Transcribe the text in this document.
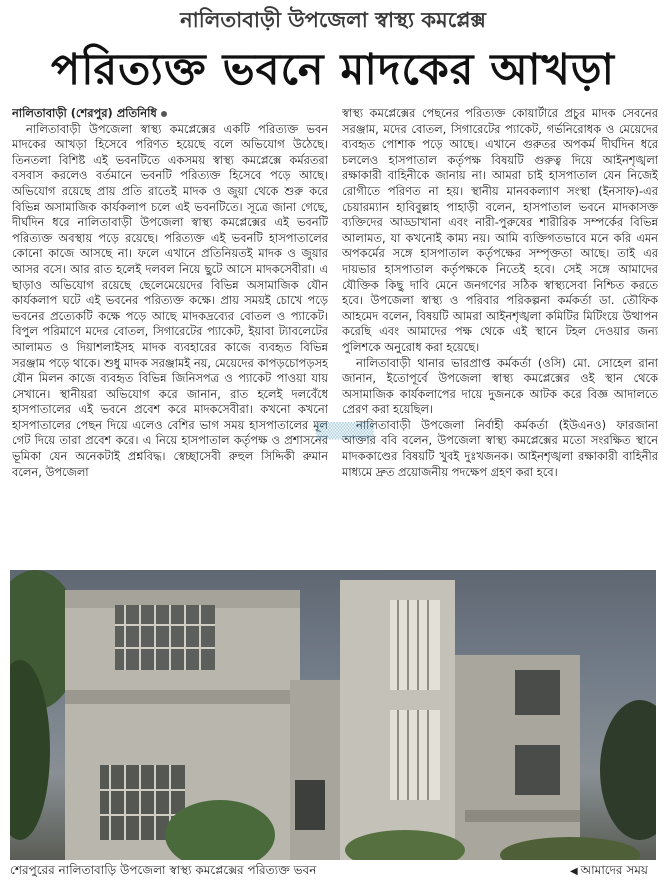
নালিতাবাড়ী উপজেলা স্বাস্থ্য কমপ্লেক্স
পরিত্যক্ত ভবনে মাদকের আখড়া

নালিতাবাড়ী (শেরপুর) প্রতিনিধি

নালিতাবাড়ী উপজেলা স্বাস্থ্য কমপ্লেক্সের একটি পরিত্যক্ত ভবন মাদকের আখড়া হিসেবে পরিণত হয়েছে বলে অভিযোগ উঠেছে। তিনতলা বিশিষ্ট এই ভবনটিতে একসময় স্বাস্থ্য কমপ্লেক্সে কর্মরতরা বসবাস করলেও বর্তমানে ভবনটি পরিত্যক্ত হিসেবে পড়ে আছে। অভিযোগ রয়েছে প্রায় প্রতি রাতেই মাদক ও জুয়া থেকে শুরু করে বিভিন্ন অসামাজিক কার্যকলাপ চলে এই ভবনটিতে। সূত্রে জানা গেছে, দীর্ঘদিন ধরে নালিতাবাড়ী উপজেলা স্বাস্থ্য কমপ্লেক্সের এই ভবনটি পরিত্যক্ত অবস্থায় পড়ে রয়েছে। পরিত্যক্ত এই ভবনটি হাসপাতালের কোনো কাজে আসছে না। ফলে এখানে প্রতিনিয়তই মাদক ও জুয়ার আসর বসে। আর রাত হলেই দলবল নিয়ে ছুটে আসে মাদকসেবীরা। এ ছাড়াও অভিযোগ রয়েছে ছেলেমেয়েদের বিভিন্ন অসামাজিক যৌন কার্যকলাপ ঘটে এই ভবনের পরিত্যক্ত কক্ষে। প্রায় সময়ই চোখে পড়ে ভবনের প্রত্যেকটি কক্ষে পড়ে আছে মাদকদ্রব্যের বোতল ও প্যাকেট। বিপুল পরিমাণে মদের বোতল, সিগারেটের প্যাকেট, ইয়াবা ট্যাবলেটের আলামত ও দিয়াশলাইসহ মাদক ব্যবহারের কাজে ব্যবহৃত বিভিন্ন সরঞ্জাম পড়ে থাকে। শুধু মাদক সরঞ্জামই নয়, মেয়েদের কাপড়চোপড়সহ যৌন মিলন কাজে ব্যবহৃত বিভিন্ন জিনিসপত্র ও প্যাকেট পাওয়া যায় সেখানে। স্থানীয়রা অভিযোগ করে জানান, রাত হলেই দলবেঁধে হাসপাতালের এই ভবনে প্রবেশ করে মাদকসেবীরা। কখনো কখনো হাসপাতালের পেছন দিয়ে এলেও বেশির ভাগ সময় হাসপাতালের মূল গেট দিয়ে তারা প্রবেশ করে। এ নিয়ে হাসপাতাল কর্তৃপক্ষ ও প্রশাসনের ভূমিকা যেন অনেকটাই প্রশ্নবিদ্ধ। স্বেচ্ছাসেবী রুহুল সিদ্দিকী রুমান বলেন, উপজেলা

স্বাস্থ্য কমপ্লেক্সের পেছনের পরিত্যক্ত কোয়ার্টারে প্রচুর মাদক সেবনের সরঞ্জাম, মদের বোতল, সিগারেটের প্যাকেট, গর্ভনিরোধক ও মেয়েদের ব্যবহৃত পোশাক পড়ে আছে। এখানে গুরুতর অপকর্ম দীর্ঘদিন ধরে চললেও হাসপাতাল কর্তৃপক্ষ বিষয়টি গুরুত্ব দিয়ে আইনশৃঙ্খলা রক্ষাকারী বাহিনীকে জানায় না। আমরা চাই হাসপাতাল যেন নিজেই রোগীতে পরিণত না হয়। স্থানীয় মানবকল্যাণ সংস্থা (ইনসাফ)-এর চেয়ারম্যান হাবিবুল্লাহ পাহাড়ী বলেন, হাসপাতাল ভবনে মাদকাসক্ত ব্যক্তিদের আড্ডাখানা এবং নারী-পুরুষের শারীরিক সম্পর্কের বিভিন্ন আলামত, যা কখনোই কাম্য নয়। আমি ব্যক্তিগতভাবে মনে করি এমন অপকর্মের সঙ্গে হাসপাতাল কর্তৃপক্ষের সম্পৃক্ততা আছে। তাই এর দায়ভার হাসপাতাল কর্তৃপক্ষকে নিতেই হবে। সেই সঙ্গে আমাদের যৌক্তিক কিছু দাবি মেনে জনগণের সঠিক স্বাস্থ্যসেবা নিশ্চিত করতে হবে। উপজেলা স্বাস্থ্য ও পরিবার পরিকল্পনা কর্মকর্তা ডা. তৌফিক আহমেদ বলেন, বিষয়টি আমরা আইনশৃঙ্খলা কমিটির মিটিংয়ে উত্থাপন করেছি এবং আমাদের পক্ষ থেকে এই স্থানে টহল দেওয়ার জন্য পুলিশকে অনুরোধ করা হয়েছে।

নালিতাবাড়ী থানার ভারপ্রাপ্ত কর্মকর্তা (ওসি) মো. সোহেল রানা জানান, ইতোপূর্বে উপজেলা স্বাস্থ্য কমপ্লেক্সের ওই স্থান থেকে অসামাজিক কার্যকলাপের দায়ে দুজনকে আটক করে বিজ্ঞ আদালতে প্রেরণ করা হয়েছিল।

নালিতাবাড়ী উপজেলা নির্বাহী কর্মকর্তা (ইউএনও) ফারজানা আক্তার ববি বলেন, উপজেলা স্বাস্থ্য কমপ্লেক্সের মতো সংরক্ষিত স্থানে মাদককাণ্ডের বিষয়টি খুবই দুঃখজনক। আইনশৃঙ্খলা রক্ষাকারী বাহিনীর মাধ্যমে দ্রুত প্রয়োজনীয় পদক্ষেপ গ্রহণ করা হবে।

▒▒▒▒▒
শেরপুরের নালিতাবাড়ি উপজেলা স্বাস্থ্য কমপ্লেক্সের পরিত্যক্ত ভবন	◀ আমাদের সময়
